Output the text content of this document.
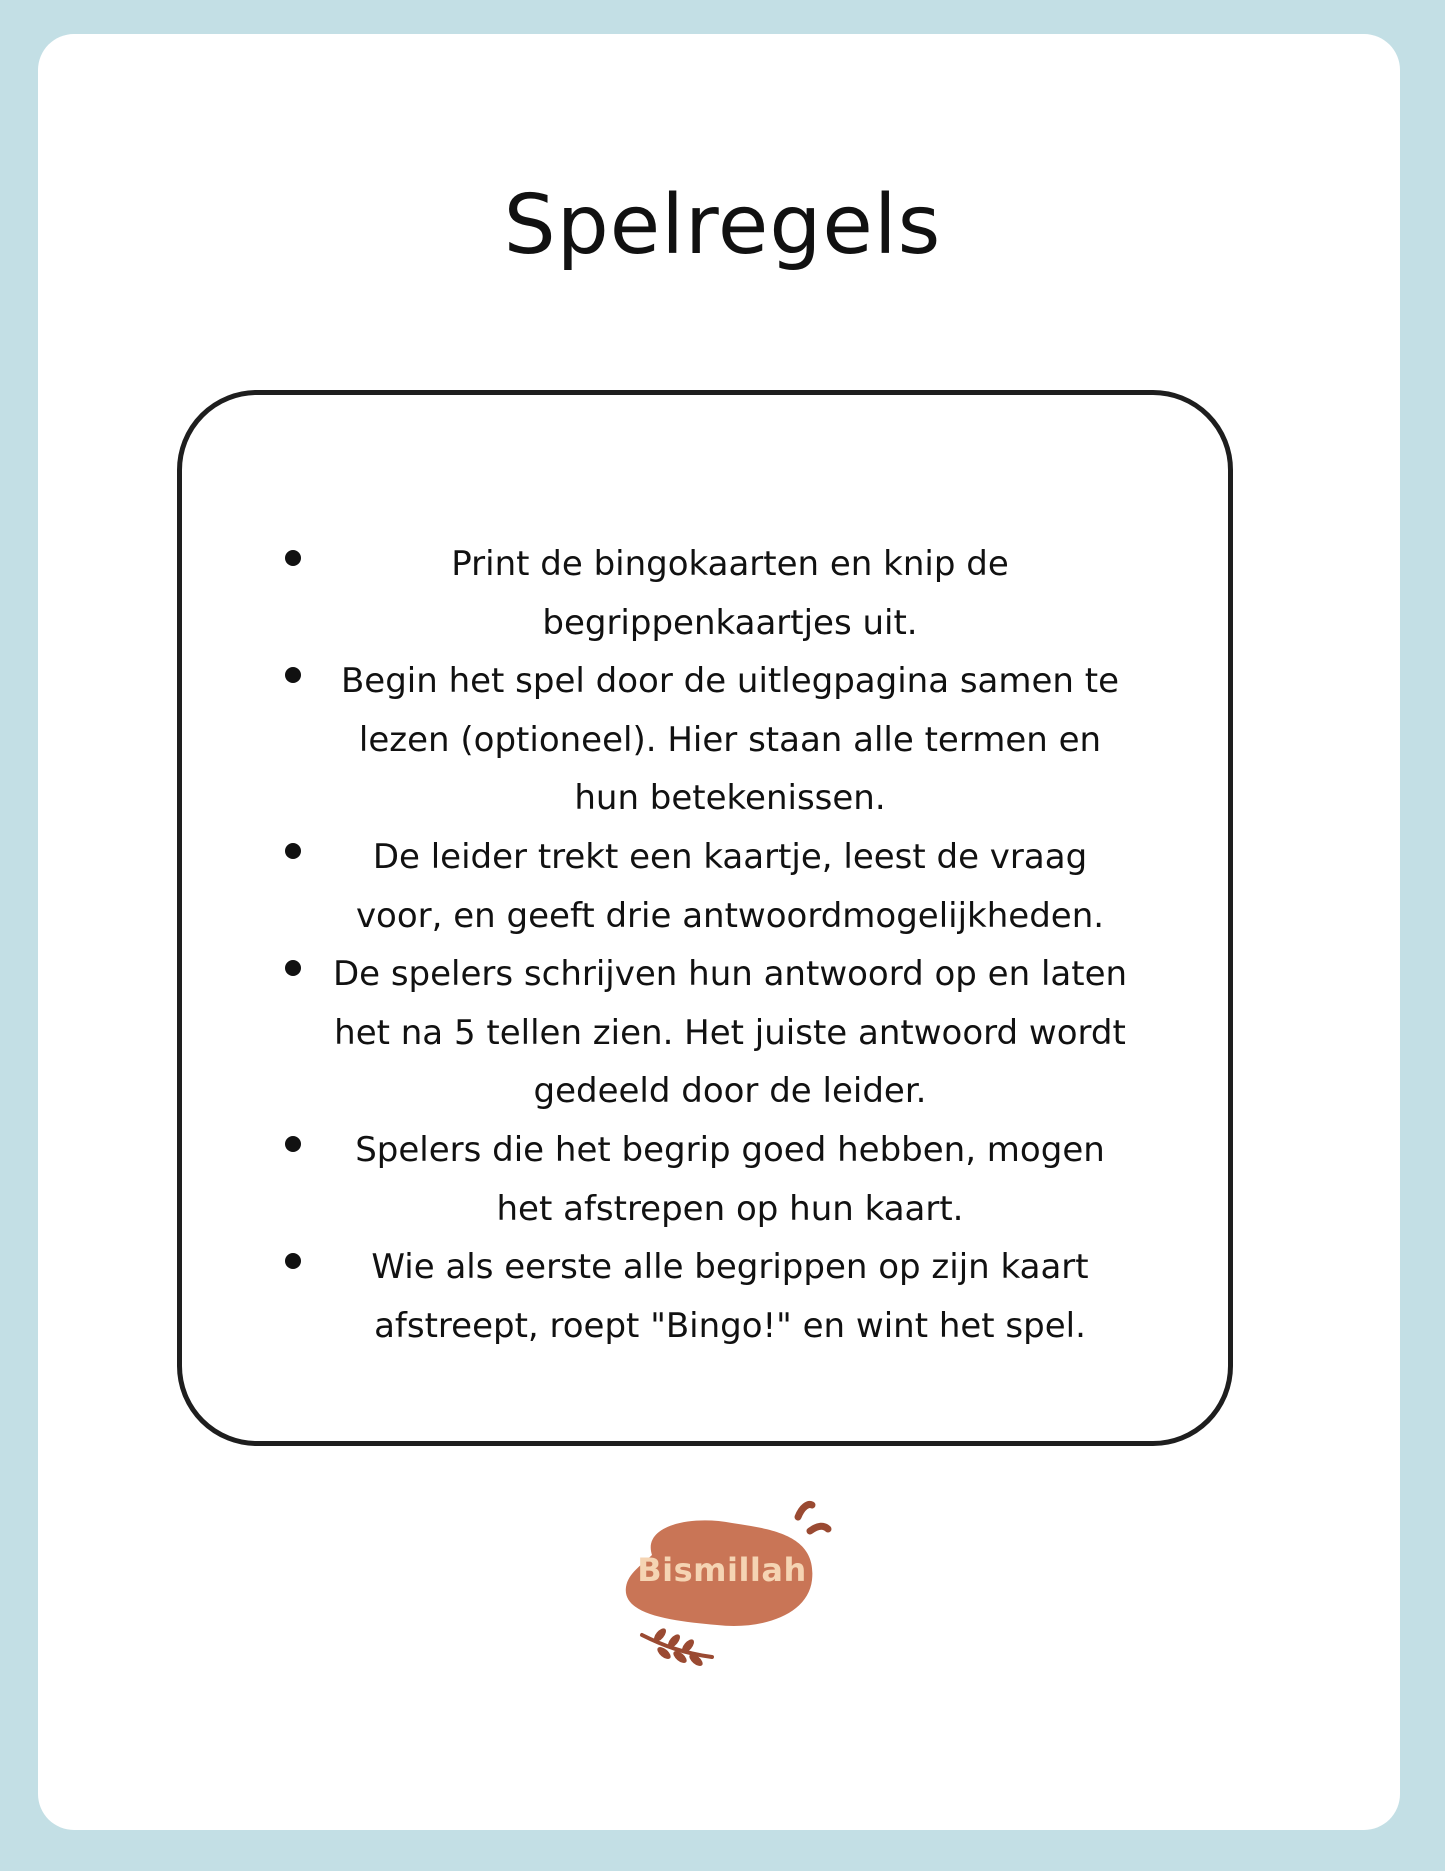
Spelregels
Print de bingokaarten en knip de begrippenkaartjes uit.
Begin het spel door de uitlegpagina samen te lezen (optioneel). Hier staan alle termen en hun betekenissen.
De leider trekt een kaartje, leest de vraag voor, en geeft drie antwoordmogelijkheden.
De spelers schrijven hun antwoord op en laten het na 5 tellen zien. Het juiste antwoord wordt gedeeld door de leider.
Spelers die het begrip goed hebben, mogen het afstrepen op hun kaart.
Wie als eerste alle begrippen op zijn kaart afstreept, roept "Bingo!" en wint het spel.
Bismillah
